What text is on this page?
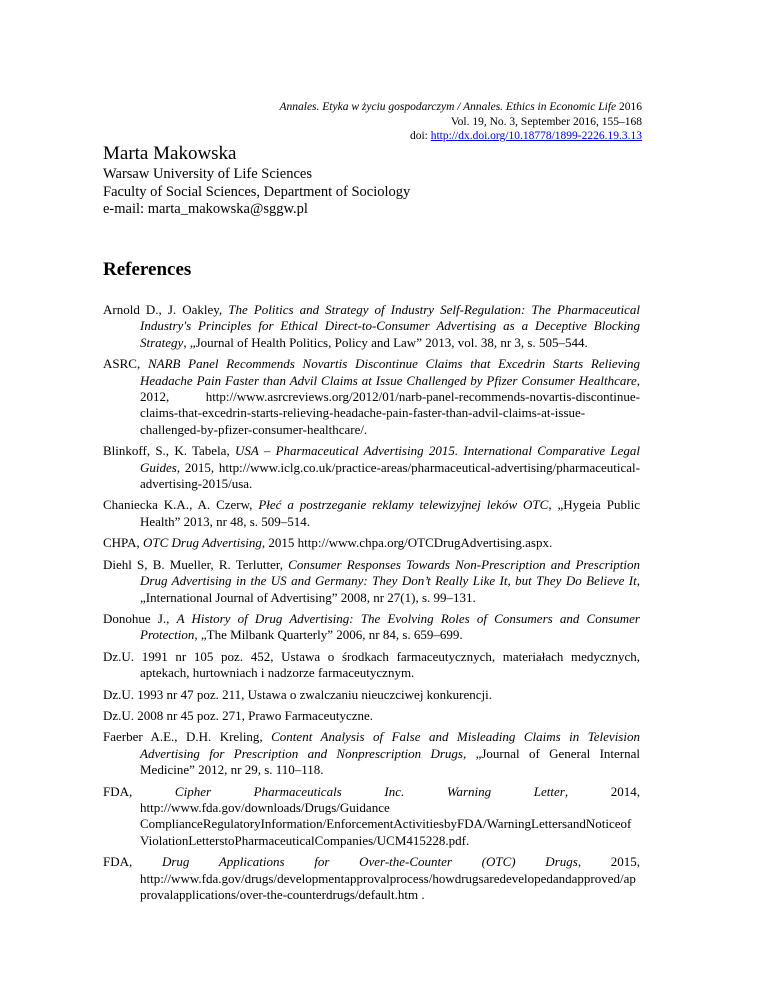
Annales. Etyka w życiu gospodarczym / Annales. Ethics in Economic Life 2016
Vol. 19, No. 3, September 2016, 155–168
doi: http://dx.doi.org/10.18778/1899-2226.19.3.13
Marta Makowska
Warsaw University of Life Sciences
Faculty of Social Sciences, Department of Sociology
e-mail: marta_makowska@sggw.pl
References
Arnold D., J. Oakley, The Politics and Strategy of Industry Self-Regulation: The Pharmaceutical Industry's Principles for Ethical Direct-to-Consumer Advertising as a Deceptive Blocking Strategy, „Journal of Health Politics, Policy and Law” 2013, vol. 38, nr 3, s. 505–544.
ASRC, NARB Panel Recommends Novartis Discontinue Claims that Excedrin Starts Relieving Headache Pain Faster than Advil Claims at Issue Challenged by Pfizer Consumer Healthcare, 2012, http://www.asrcreviews.org/2012/01/narb-panel-recommends-novartis-discontinue-claims-that-excedrin-starts-relieving-headache-pain-faster-than-advil-claims-at-issue-challenged-by-pfizer-consumer-healthcare/.
Blinkoff, S., K. Tabela, USA – Pharmaceutical Advertising 2015. International Comparative Legal Guides, 2015, http://www.iclg.co.uk/practice-areas/pharmaceutical-advertising/pharmaceutical-advertising-2015/usa.
Chaniecka K.A., A. Czerw, Płeć a postrzeganie reklamy telewizyjnej leków OTC, „Hygeia Public Health” 2013, nr 48, s. 509–514.
CHPA, OTC Drug Advertising, 2015 http://www.chpa.org/OTCDrugAdvertising.aspx.
Diehl S, B. Mueller, R. Terlutter, Consumer Responses Towards Non-Prescription and Prescription Drug Advertising in the US and Germany: They Don’t Really Like It, but They Do Believe It, „International Journal of Advertising” 2008, nr 27(1), s. 99–131.
Donohue J., A History of Drug Advertising: The Evolving Roles of Consumers and Consumer Protection, „The Milbank Quarterly” 2006, nr 84, s. 659–699.
Dz.U. 1991 nr 105 poz. 452, Ustawa o środkach farmaceutycznych, materiałach medycznych, aptekach, hurtowniach i nadzorze farmaceutycznym.
Dz.U. 1993 nr 47 poz. 211, Ustawa o zwalczaniu nieuczciwej konkurencji.
Dz.U. 2008 nr 45 poz. 271, Prawo Farmaceutyczne.
Faerber A.E., D.H. Kreling, Content Analysis of False and Misleading Claims in Television Advertising for Prescription and Nonprescription Drugs, „Journal of General Internal Medicine” 2012, nr 29, s. 110–118.
FDA, Cipher Pharmaceuticals Inc. Warning Letter, 2014, http://www.fda.gov/downloads/Drugs/Guidance ComplianceRegulatoryInformation/EnforcementActivitiesbyFDA/WarningLettersandNoticeofViolationLetterstoPharmaceuticalCompanies/UCM415228.pdf.
FDA, Drug Applications for Over-the-Counter (OTC) Drugs, 2015, http://www.fda.gov/drugs/developmentapprovalprocess/howdrugsaredevelopedandapproved/approvalapplications/over-the-counterdrugs/default.htm .
